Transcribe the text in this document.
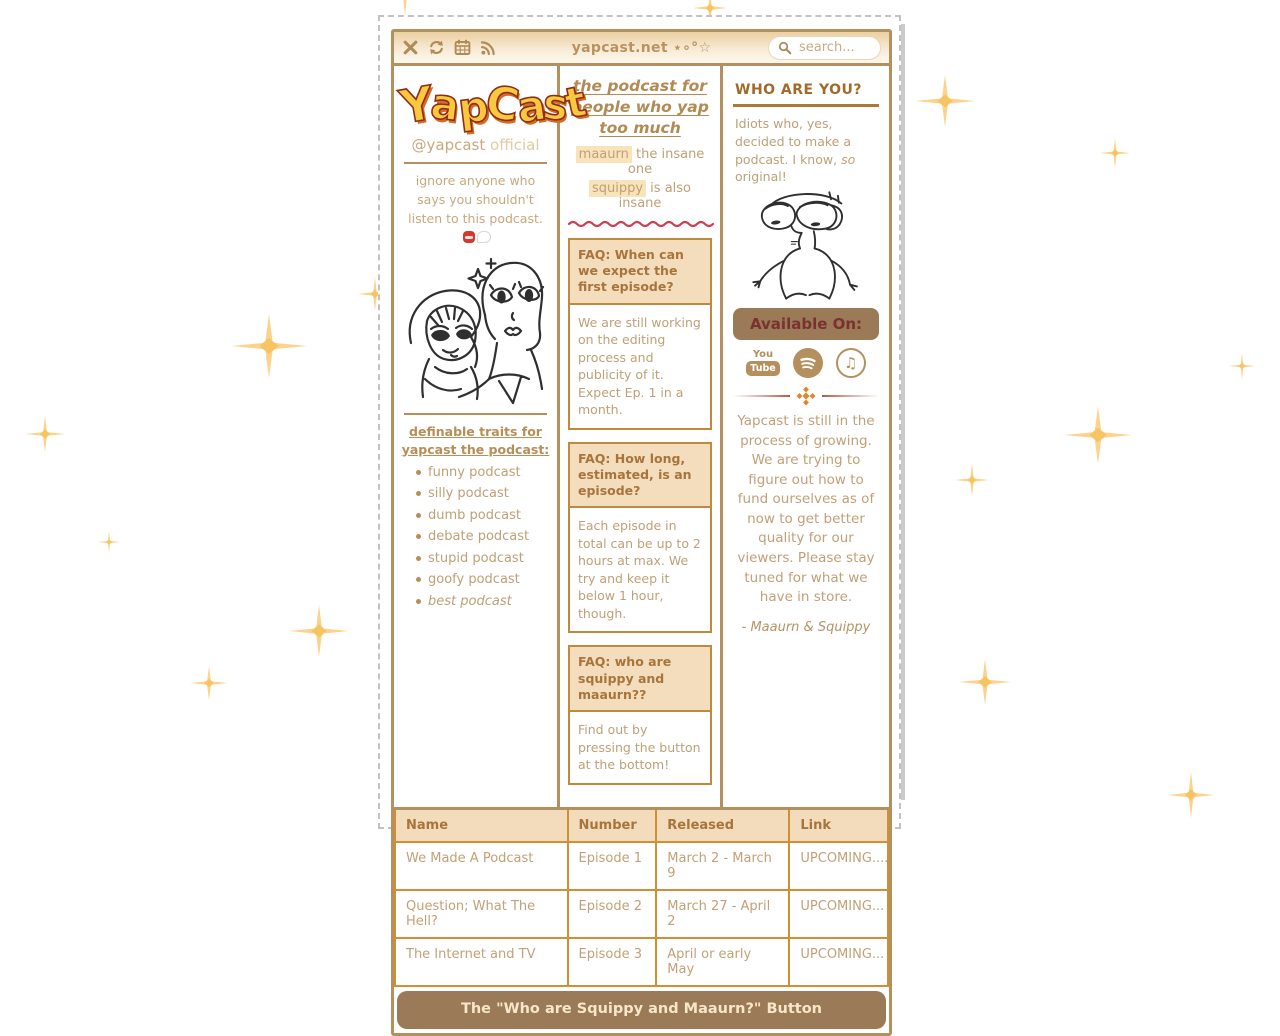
yapcast.net ⋆∘°☆
search...
YapCast
@yapcast official
ignore anyone who says you shouldn't listen to this podcast.
definable traits for yapcast the podcast:
funny podcast
silly podcast
dumb podcast
debate podcast
stupid podcast
goofy podcast
best podcast
the podcast for people who yap too much
maaurn the insane one
squippy is also insane
FAQ: When can we expect the first episode?
We are still working on the editing process and publicity of it. Expect Ep. 1 in a month.
FAQ: How long, estimated, is an episode?
Each episode in total can be up to 2 hours at max. We try and keep it below 1 hour, though.
FAQ: who are squippy and maaurn??
Find out by pressing the button at the bottom!
WHO ARE YOU?
Idiots who, yes, decided to make a podcast. I know, so original!
Available On:
You
Tube	♫
Yapcast is still in the process of growing. We are trying to figure out how to fund ourselves as of now to get better quality for our viewers. Please stay tuned for what we have in store.
- Maaurn & Squippy
Name	Number	Released	Link
We Made A Podcast	Episode 1	March 2 - March 9	UPCOMING....
Question; What The Hell?	Episode 2	March 27 - April 2	UPCOMING...
The Internet and TV	Episode 3	April or early May	UPCOMING...
The "Who are Squippy and Maaurn?" Button
